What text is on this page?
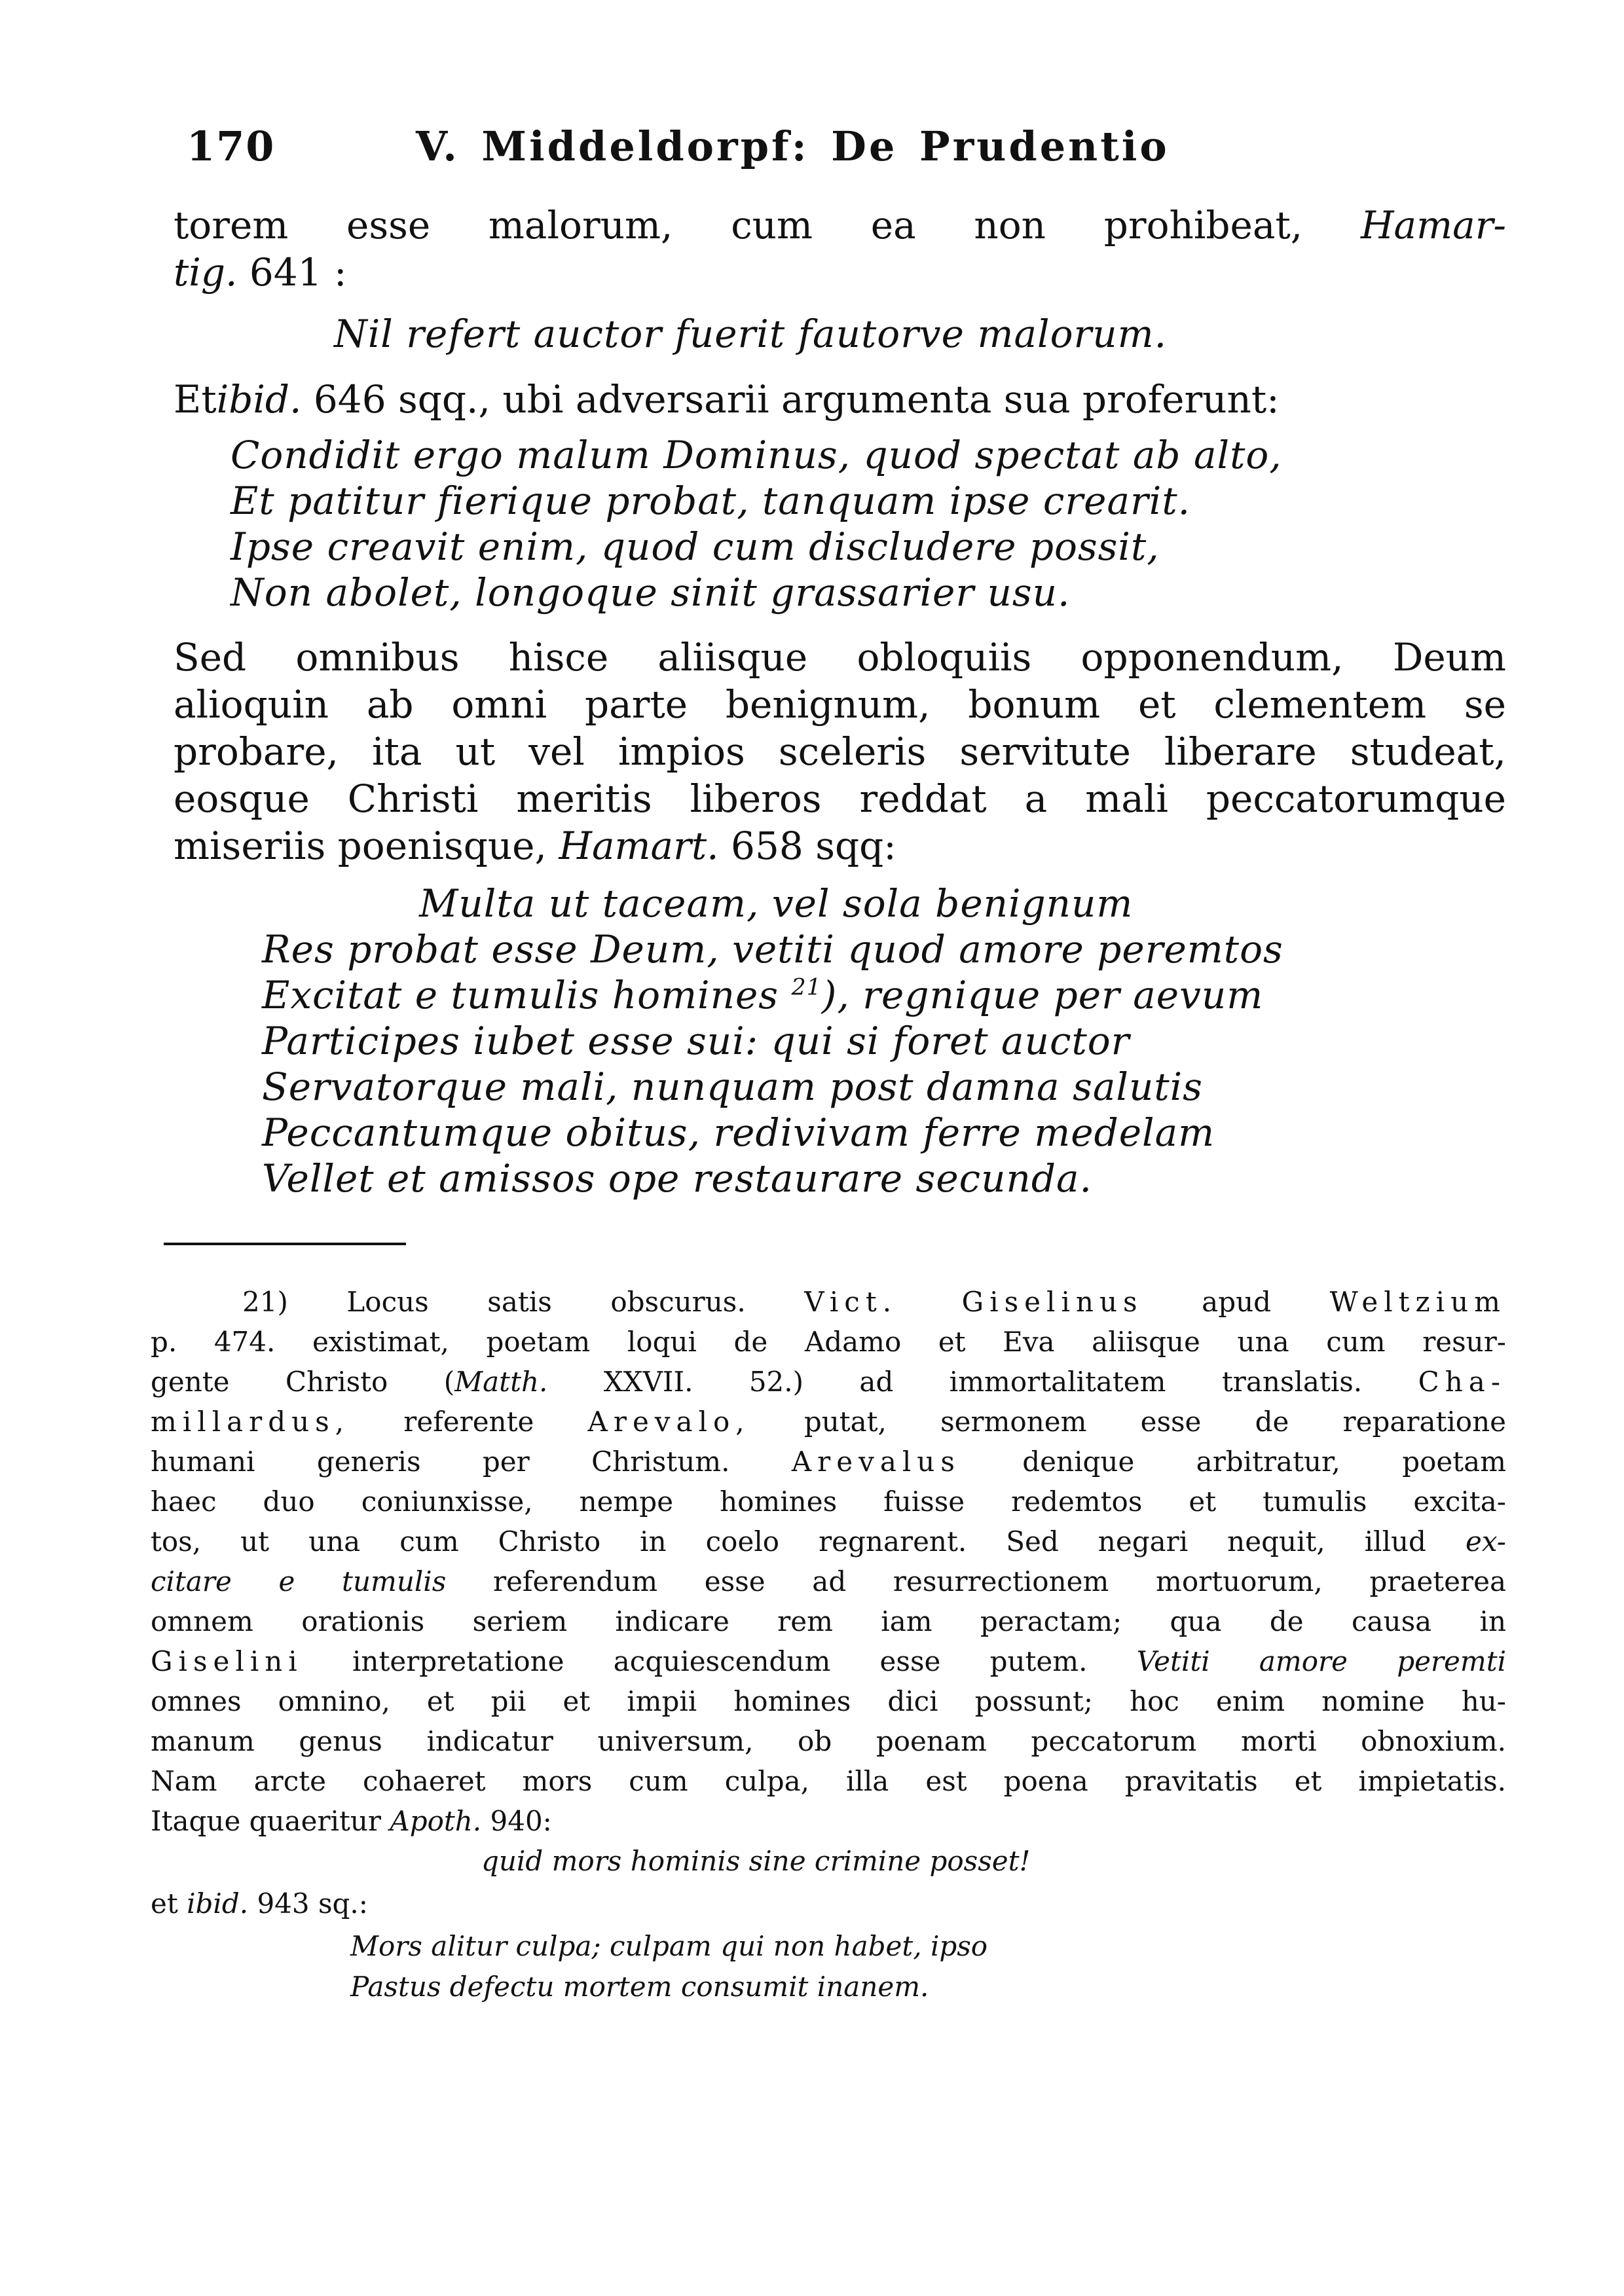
170	V. Middeldorpf: De Prudentio
torem esse malorum, cum ea non prohibeat, Hamar-
tig. 641 :
Nil refert auctor fuerit fautorve malorum.
Etibid. 646 sqq., ubi adversarii argumenta sua proferunt:
Condidit ergo malum Dominus, quod spectat ab alto,
Et patitur fierique probat, tanquam ipse crearit.
Ipse creavit enim, quod cum discludere possit,
Non abolet, longoque sinit grassarier usu.
Sed omnibus hisce aliisque obloquiis opponendum, Deum
alioquin ab omni parte benignum, bonum et clementem se
probare, ita ut vel impios sceleris servitute liberare studeat,
eosque Christi meritis liberos reddat a mali peccatorumque
miseriis poenisque, Hamart. 658 sqq:
Multa ut taceam, vel sola benignum
Res probat esse Deum, vetiti quod amore peremtos
Excitat e tumulis homines $^{21}$), regnique per aevum
Participes iubet esse sui: qui si foret auctor
Servatorque mali, nunquam post damna salutis
Peccantumque obitus, redivivam ferre medelam
Vellet et amissos ope restaurare secunda.
21) Locus satis obscurus. Vict. Giselinus apud Weltzium
p. 474. existimat, poetam loqui de Adamo et Eva aliisque una cum resur-
gente Christo (Matth. XXVII. 52.) ad immortalitatem translatis. Cha-
millardus, referente Arevalo, putat, sermonem esse de reparatione
humani generis per Christum. Arevalus denique arbitratur, poetam
haec duo coniunxisse, nempe homines fuisse redemtos et tumulis excita-
tos, ut una cum Christo in coelo regnarent. Sed negari nequit, illud ex-
citare e tumulis referendum esse ad resurrectionem mortuorum, praeterea
omnem orationis seriem indicare rem iam peractam; qua de causa in
Giselini interpretatione acquiescendum esse putem. Vetiti amore peremti
omnes omnino, et pii et impii homines dici possunt; hoc enim nomine hu-
manum genus indicatur universum, ob poenam peccatorum morti obnoxium.
Nam arcte cohaeret mors cum culpa, illa est poena pravitatis et impietatis.
Itaque quaeritur Apoth. 940:
quid mors hominis sine crimine posset!
et ibid. 943 sq.:
Mors alitur culpa; culpam qui non habet, ipso
Pastus defectu mortem consumit inanem.
